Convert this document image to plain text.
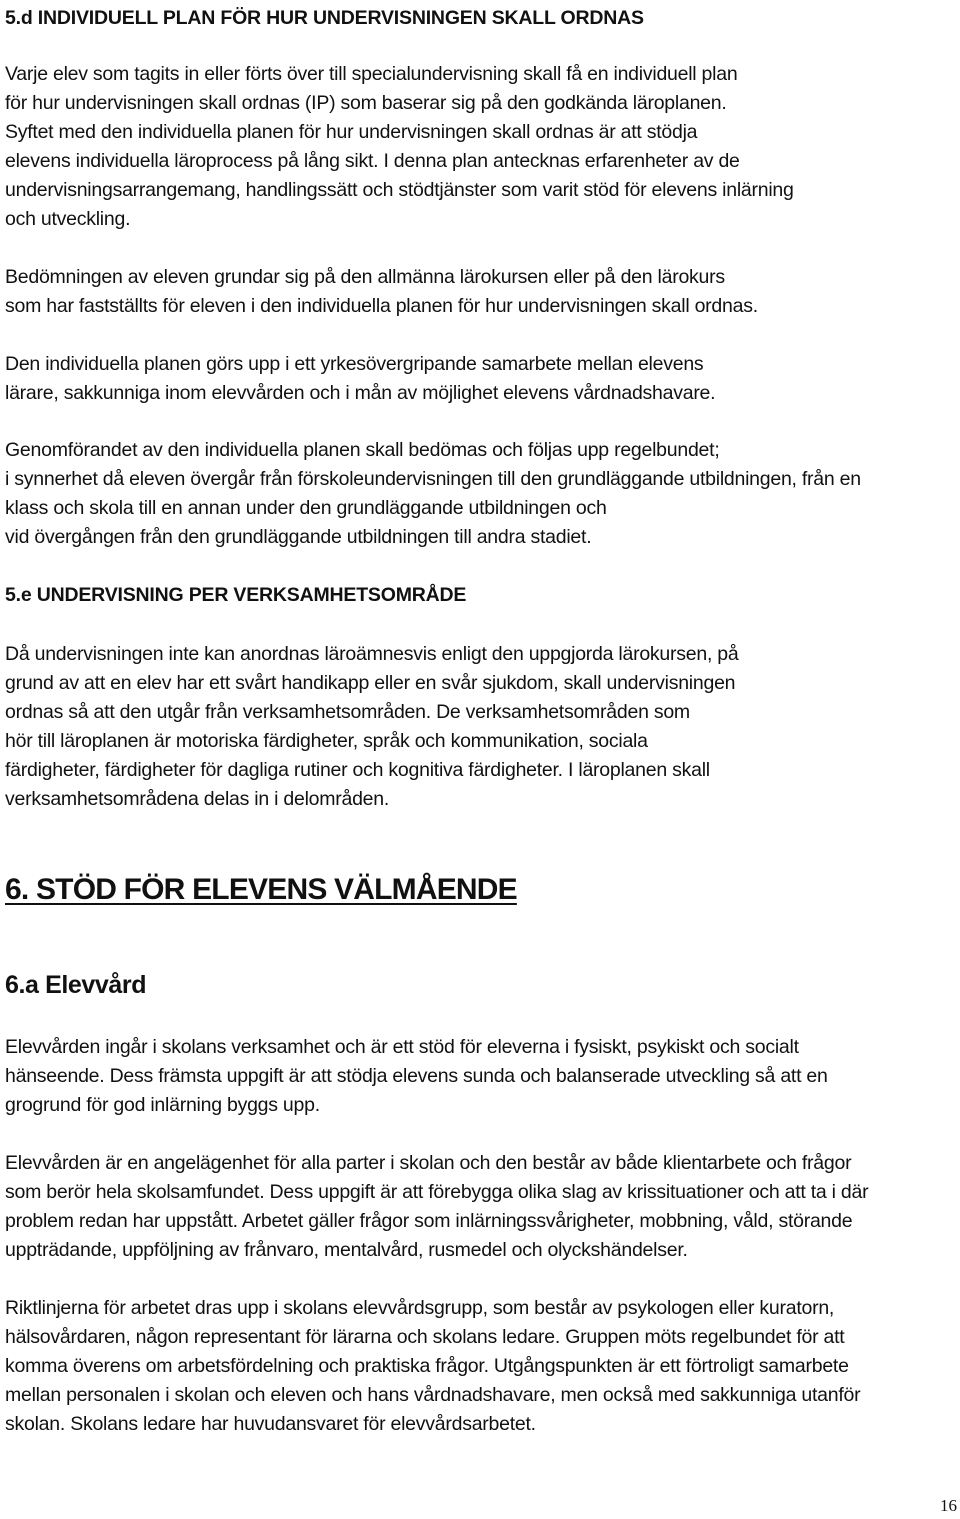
5.d INDIVIDUELL PLAN FÖR HUR UNDERVISNINGEN SKALL ORDNAS

Varje elev som tagits in eller förts över till specialundervisning skall få en individuell plan
för hur undervisningen skall ordnas (IP) som baserar sig på den godkända läroplanen.
Syftet med den individuella planen för hur undervisningen skall ordnas är att stödja
elevens individuella läroprocess på lång sikt. I denna plan antecknas erfarenheter av de
undervisningsarrangemang, handlingssätt och stödtjänster som varit stöd för elevens inlärning
och utveckling.

Bedömningen av eleven grundar sig på den allmänna lärokursen eller på den lärokurs
som har fastställts för eleven i den individuella planen för hur undervisningen skall ordnas.

Den individuella planen görs upp i ett yrkesövergripande samarbete mellan elevens
lärare, sakkunniga inom elevvården och i mån av möjlighet elevens vårdnadshavare.

Genomförandet av den individuella planen skall bedömas och följas upp regelbundet;
i synnerhet då eleven övergår från förskoleundervisningen till den grundläggande utbildningen, från en
klass och skola till en annan under den grundläggande utbildningen och
vid övergången från den grundläggande utbildningen till andra stadiet.

5.e UNDERVISNING PER VERKSAMHETSOMRÅDE

Då undervisningen inte kan anordnas läroämnesvis enligt den uppgjorda lärokursen, på
grund av att en elev har ett svårt handikapp eller en svår sjukdom, skall undervisningen
ordnas så att den utgår från verksamhetsområden. De verksamhetsområden som
hör till läroplanen är motoriska färdigheter, språk och kommunikation, sociala
färdigheter, färdigheter för dagliga rutiner och kognitiva färdigheter. I läroplanen skall
verksamhetsområdena delas in i delområden.

6. STÖD FÖR ELEVENS VÄLMÅENDE
6.a Elevvård

Elevvården ingår i skolans verksamhet och är ett stöd för eleverna i fysiskt, psykiskt och socialt
hänseende. Dess främsta uppgift är att stödja elevens sunda och balanserade utveckling så att en
grogrund för god inlärning byggs upp.

Elevvården är en angelägenhet för alla parter i skolan och den består av både klientarbete och frågor
som berör hela skolsamfundet. Dess uppgift är att förebygga olika slag av krissituationer och att ta i där
problem redan har uppstått. Arbetet gäller frågor som inlärningssvårigheter, mobbning, våld, störande
uppträdande, uppföljning av frånvaro, mentalvård, rusmedel och olyckshändelser.

Riktlinjerna för arbetet dras upp i skolans elevvårdsgrupp, som består av psykologen eller kuratorn,
hälsovårdaren, någon representant för lärarna och skolans ledare. Gruppen möts regelbundet för att
komma överens om arbetsfördelning och praktiska frågor. Utgångspunkten är ett förtroligt samarbete
mellan personalen i skolan och eleven och hans vårdnadshavare, men också med sakkunniga utanför
skolan. Skolans ledare har huvudansvaret för elevvårdsarbetet.

16
